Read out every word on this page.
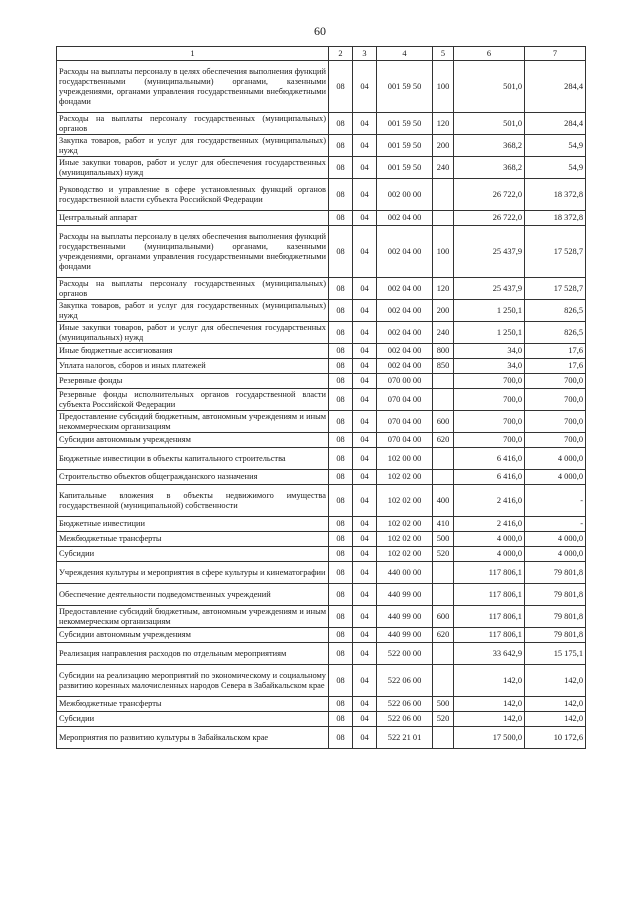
60
1	2	3	4	5	6	7
Расходы на выплаты персоналу в целях обеспечения выполнения функций государственными (муниципальными) органами, казенными учреждениями, органами управления государственными внебюджетными фондами	08	04	001 59 50	100	501,0	284,4
Расходы на выплаты персоналу государственных (муниципальных) органов	08	04	001 59 50	120	501,0	284,4
Закупка товаров, работ и услуг для государственных (муниципальных) нужд	08	04	001 59 50	200	368,2	54,9
Иные закупки товаров, работ и услуг для обеспечения государственных (муниципальных) нужд	08	04	001 59 50	240	368,2	54,9
Руководство и управление в сфере установленных функций органов государственной власти субъекта Российской Федерации	08	04	002 00 00		26 722,0	18 372,8
Центральный аппарат	08	04	002 04 00		26 722,0	18 372,8
Расходы на выплаты персоналу в целях обеспечения выполнения функций государственными (муниципальными) органами, казенными учреждениями, органами управления государственными внебюджетными фондами	08	04	002 04 00	100	25 437,9	17 528,7
Расходы на выплаты персоналу государственных (муниципальных) органов	08	04	002 04 00	120	25 437,9	17 528,7
Закупка товаров, работ и услуг для государственных (муниципальных) нужд	08	04	002 04 00	200	1 250,1	826,5
Иные закупки товаров, работ и услуг для обеспечения государственных (муниципальных) нужд	08	04	002 04 00	240	1 250,1	826,5
Иные бюджетные ассигнования	08	04	002 04 00	800	34,0	17,6
Уплата налогов, сборов и иных платежей	08	04	002 04 00	850	34,0	17,6
Резервные фонды	08	04	070 00 00		700,0	700,0
Резервные фонды исполнительных органов государственной власти субъекта Российской Федерации	08	04	070 04 00		700,0	700,0
Предоставление субсидий бюджетным, автономным учреждениям и иным некоммерческим организациям	08	04	070 04 00	600	700,0	700,0
Субсидии автономным учреждениям	08	04	070 04 00	620	700,0	700,0
Бюджетные инвестиции в объекты капитального строительства	08	04	102 00 00		6 416,0	4 000,0
Строительство объектов общегражданского назначения	08	04	102 02 00		6 416,0	4 000,0
Капитальные вложения в объекты недвижимого имущества государственной (муниципальной) собственности	08	04	102 02 00	400	2 416,0	-
Бюджетные инвестиции	08	04	102 02 00	410	2 416,0	-
Межбюджетные трансферты	08	04	102 02 00	500	4 000,0	4 000,0
Субсидии	08	04	102 02 00	520	4 000,0	4 000,0
Учреждения культуры и мероприятия в сфере культуры и кинематографии	08	04	440 00 00		117 806,1	79 801,8
Обеспечение деятельности подведомственных учреждений	08	04	440 99 00		117 806,1	79 801,8
Предоставление субсидий бюджетным, автономным учреждениям и иным некоммерческим организациям	08	04	440 99 00	600	117 806,1	79 801,8
Субсидии автономным учреждениям	08	04	440 99 00	620	117 806,1	79 801,8
Реализация направления расходов по отдельным мероприятиям	08	04	522 00 00		33 642,9	15 175,1
Субсидии на реализацию мероприятий по экономическому и социальному развитию коренных малочисленных народов Севера в Забайкальском крае	08	04	522 06 00		142,0	142,0
Межбюджетные трансферты	08	04	522 06 00	500	142,0	142,0
Субсидии	08	04	522 06 00	520	142,0	142,0
Мероприятия по развитию культуры в Забайкальском крае	08	04	522 21 01		17 500,0	10 172,6
